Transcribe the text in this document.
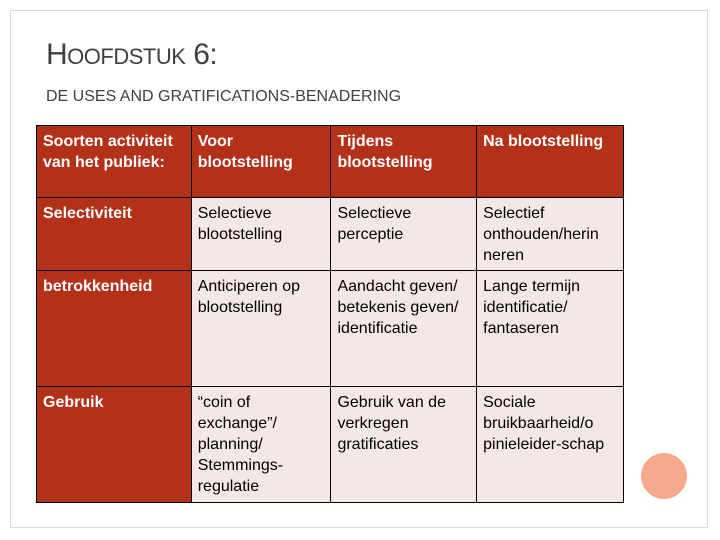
HOOFDSTUK 6:
DE USES AND GRATIFICATIONS-BENADERING
Soorten activiteit van het publiek:	Voor blootstelling	Tijdens blootstelling	Na blootstelling
Selectiviteit	Selectieve blootstelling	Selectieve perceptie	Selectief onthouden/herin neren
betrokkenheid	Anticiperen op blootstelling	Aandacht geven/ betekenis geven/ identificatie	Lange termijn identificatie/ fantaseren
Gebruik	“coin of exchange”/ planning/ Stemmings-regulatie	Gebruik van de verkregen gratificaties	Sociale bruikbaarheid/o pinieleider-schap
